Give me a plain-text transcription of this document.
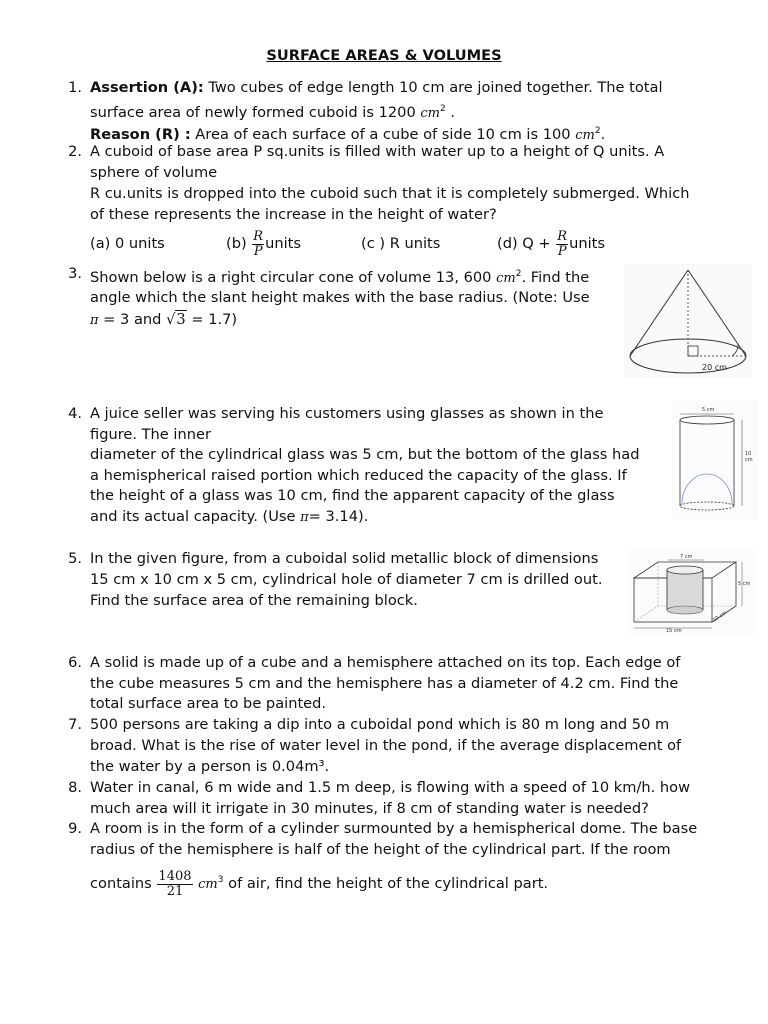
SURFACE AREAS & VOLUMES
1. Assertion (A): Two cubes of edge length 10 cm are joined together. The total
surface area of newly formed cuboid is 1200 $cm^2$ .
Reason (R) : Area of each surface of a cube of side 10 cm is 100 $cm^2$.
2. A cuboid of base area P sq.units is filled with water up to a height of Q units. A
sphere of volume
R cu.units is dropped into the cuboid such that it is completely submerged. Which
of these represents the increase in the height of water?
(a) 0 units	$(b) \frac{R}{P}$ units	(c ) R units	(d) $Q + \frac{R}{P}$ units
3. Shown below is a right circular cone of volume 13, 600 $cm^2$. Find the
angle which the slant height makes with the base radius. (Note: Use
π = 3 and √3 = 1.7)
20 cm
4. A juice seller was serving his customers using glasses as shown in the
figure. The inner
diameter of the cylindrical glass was 5 cm, but the bottom of the glass had
a hemispherical raised portion which reduced the capacity of the glass. If
the height of a glass was 10 cm, find the apparent capacity of the glass
and its actual capacity. (Use π= 3.14).
5 cm
10
cm
5. In the given figure, from a cuboidal solid metallic block of dimensions
15 cm x 10 cm x 5 cm, cylindrical hole of diameter 7 cm is drilled out.
Find the surface area of the remaining block.
7 cm
5 cm
15 cm
10 cm
6. A solid is made up of a cube and a hemisphere attached on its top. Each edge of
the cube measures 5 cm and the hemisphere has a diameter of 4.2 cm. Find the
total surface area to be painted.
7. 500 persons are taking a dip into a cuboidal pond which is 80 m long and 50 m
broad. What is the rise of water level in the pond, if the average displacement of
the water by a person is 0.04m³.
8. Water in canal, 6 m wide and 1.5 m deep, is flowing with a speed of 10 km/h. how
much area will it irrigate in 30 minutes, if 8 cm of standing water is needed?
9. A room is in the form of a cylinder surmounted by a hemispherical dome. The base
radius of the hemisphere is half of the height of the cylindrical part. If the room
contains $\frac{1408}{21} cm^3$ of air, find the height of the cylindrical part.
